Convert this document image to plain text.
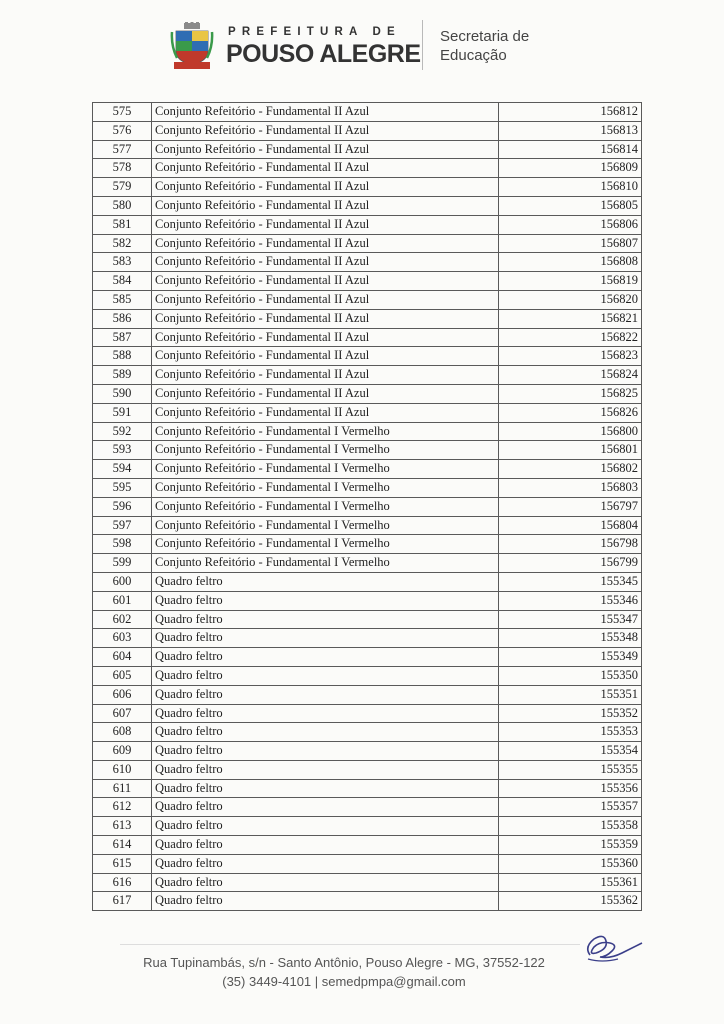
PREFEITURA DE
POUSO ALEGRE
Secretaria de
Educação
575	Conjunto Refeitório - Fundamental II Azul	156812
576	Conjunto Refeitório - Fundamental II Azul	156813
577	Conjunto Refeitório - Fundamental II Azul	156814
578	Conjunto Refeitório - Fundamental II Azul	156809
579	Conjunto Refeitório - Fundamental II Azul	156810
580	Conjunto Refeitório - Fundamental II Azul	156805
581	Conjunto Refeitório - Fundamental II Azul	156806
582	Conjunto Refeitório - Fundamental II Azul	156807
583	Conjunto Refeitório - Fundamental II Azul	156808
584	Conjunto Refeitório - Fundamental II Azul	156819
585	Conjunto Refeitório - Fundamental II Azul	156820
586	Conjunto Refeitório - Fundamental II Azul	156821
587	Conjunto Refeitório - Fundamental II Azul	156822
588	Conjunto Refeitório - Fundamental II Azul	156823
589	Conjunto Refeitório - Fundamental II Azul	156824
590	Conjunto Refeitório - Fundamental II Azul	156825
591	Conjunto Refeitório - Fundamental II Azul	156826
592	Conjunto Refeitório - Fundamental I Vermelho	156800
593	Conjunto Refeitório - Fundamental I Vermelho	156801
594	Conjunto Refeitório - Fundamental I Vermelho	156802
595	Conjunto Refeitório - Fundamental I Vermelho	156803
596	Conjunto Refeitório - Fundamental I Vermelho	156797
597	Conjunto Refeitório - Fundamental I Vermelho	156804
598	Conjunto Refeitório - Fundamental I Vermelho	156798
599	Conjunto Refeitório - Fundamental I Vermelho	156799
600	Quadro feltro	155345
601	Quadro feltro	155346
602	Quadro feltro	155347
603	Quadro feltro	155348
604	Quadro feltro	155349
605	Quadro feltro	155350
606	Quadro feltro	155351
607	Quadro feltro	155352
608	Quadro feltro	155353
609	Quadro feltro	155354
610	Quadro feltro	155355
611	Quadro feltro	155356
612	Quadro feltro	155357
613	Quadro feltro	155358
614	Quadro feltro	155359
615	Quadro feltro	155360
616	Quadro feltro	155361
617	Quadro feltro	155362
Rua Tupinambás, s/n - Santo Antônio, Pouso Alegre - MG, 37552-122
(35) 3449-4101 | semedpmpa@gmail.com
